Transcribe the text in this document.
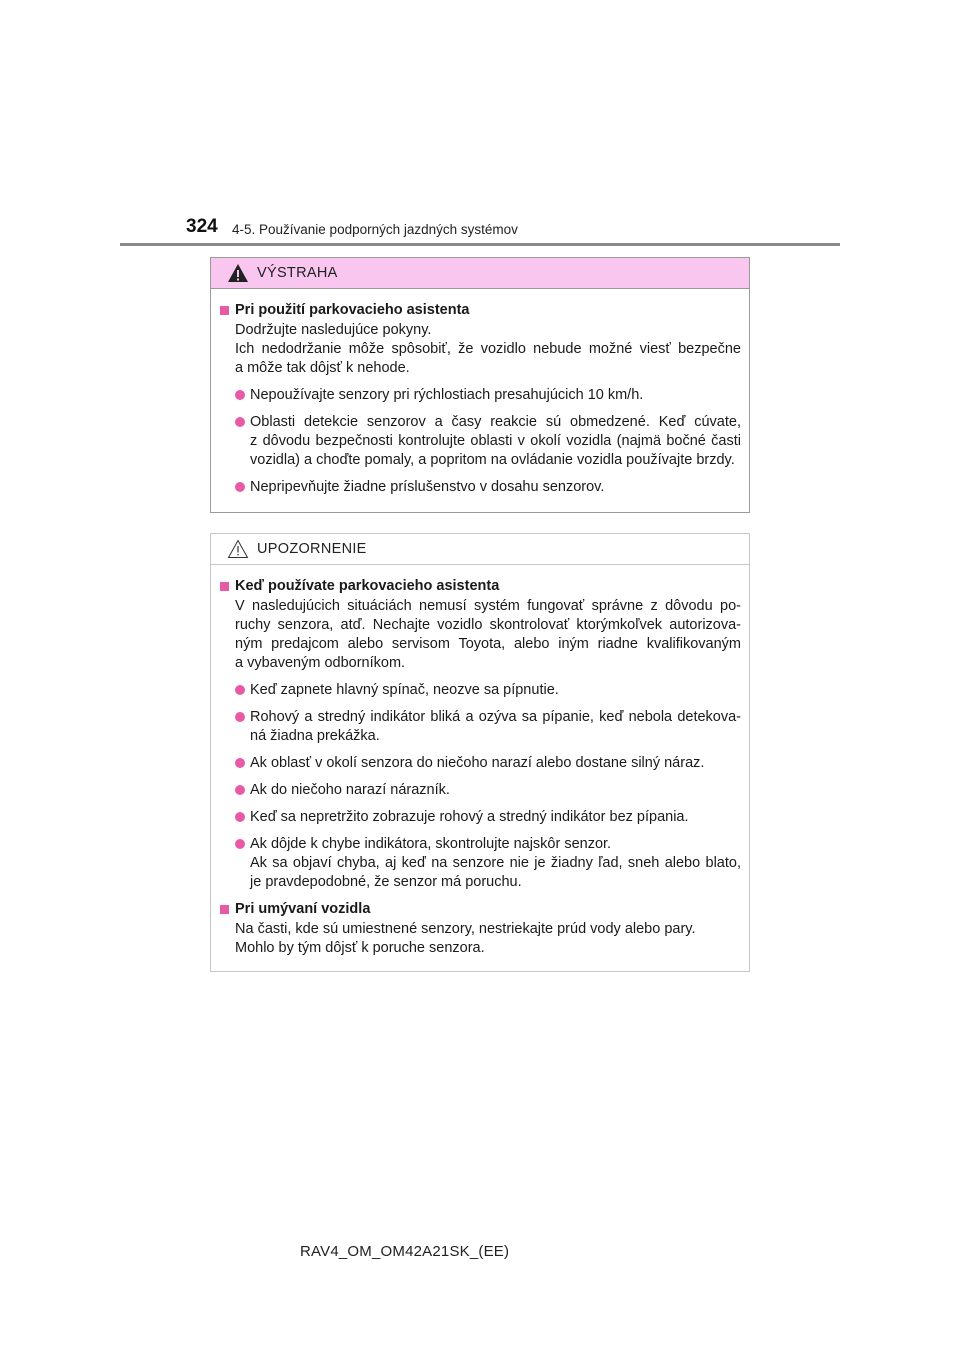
324 4-5. Používanie podporných jazdných systémov
VÝSTRAHA
Pri použití parkovacieho asistenta
Dodržujte nasledujúce pokyny.
Ich nedodržanie môže spôsobiť, že vozidlo nebude možné viesť bezpečne
a môže tak dôjsť k nehode.
Nepoužívajte senzory pri rýchlostiach presahujúcich 10 km/h.
Oblasti detekcie senzorov a časy reakcie sú obmedzené. Keď cúvate,
z dôvodu bezpečnosti kontrolujte oblasti v okolí vozidla (najmä bočné časti
vozidla) a choďte pomaly, a popritom na ovládanie vozidla používajte brzdy.
Nepripevňujte žiadne príslušenstvo v dosahu senzorov.
UPOZORNENIE
Keď používate parkovacieho asistenta
V nasledujúcich situáciách nemusí systém fungovať správne z dôvodu po-
ruchy senzora, atď. Nechajte vozidlo skontrolovať ktorýmkoľvek autorizova-
ným predajcom alebo servisom Toyota, alebo iným riadne kvalifikovaným
a vybaveným odborníkom.
Keď zapnete hlavný spínač, neozve sa pípnutie.
Rohový a stredný indikátor bliká a ozýva sa pípanie, keď nebola detekova-
ná žiadna prekážka.
Ak oblasť v okolí senzora do niečoho narazí alebo dostane silný náraz.
Ak do niečoho narazí nárazník.
Keď sa nepretržito zobrazuje rohový a stredný indikátor bez pípania.
Ak dôjde k chybe indikátora, skontrolujte najskôr senzor.
Ak sa objaví chyba, aj keď na senzore nie je žiadny ľad, sneh alebo blato,
je pravdepodobné, že senzor má poruchu.
Pri umývaní vozidla
Na časti, kde sú umiestnené senzory, nestriekajte prúd vody alebo pary.
Mohlo by tým dôjsť k poruche senzora.
RAV4_OM_OM42A21SK_(EE)
